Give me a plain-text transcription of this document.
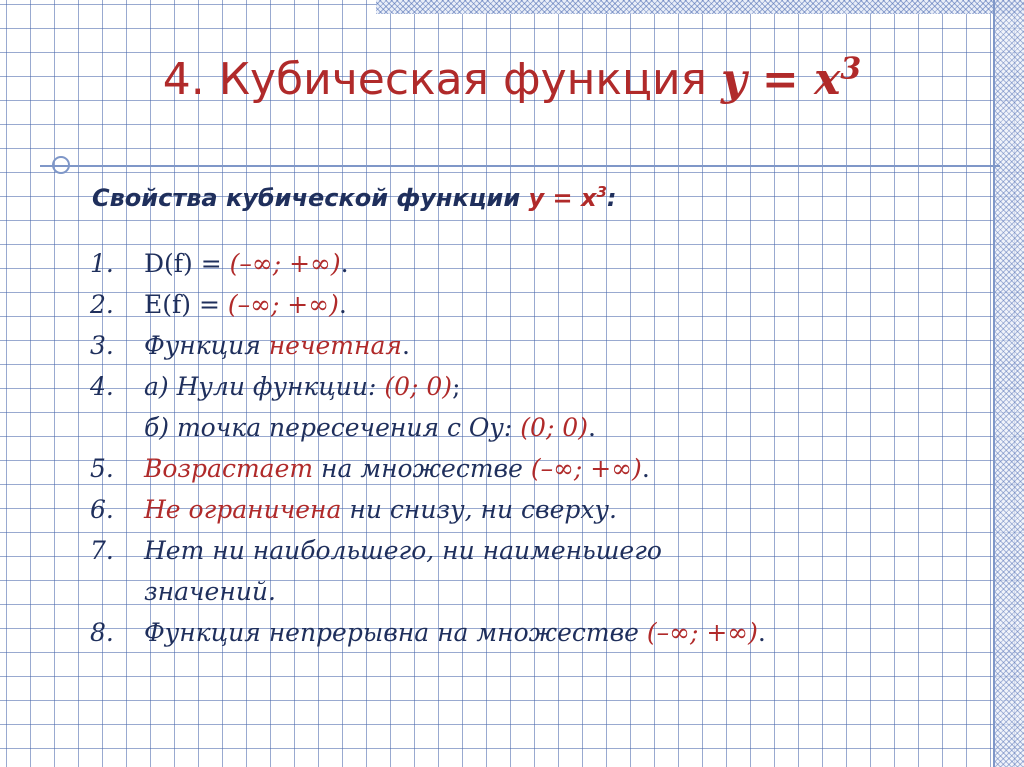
4. Кубическая функция $y = x^3$
Свойства кубической функции $y = x^3$:
1. D(f) = (–∞; +∞).
2. E(f) = (–∞; +∞).
3. Функция нечетная.
4. а) Нули функции: (0; 0);
б) точка пересечения с Оу: (0; 0).
5. Возрастает на множестве (–∞; +∞).
6. Не ограничена ни снизу, ни сверху.
7. Нет ни наибольшего, ни наименьшего
значений.
8. Функция непрерывна на множестве (–∞; +∞).
